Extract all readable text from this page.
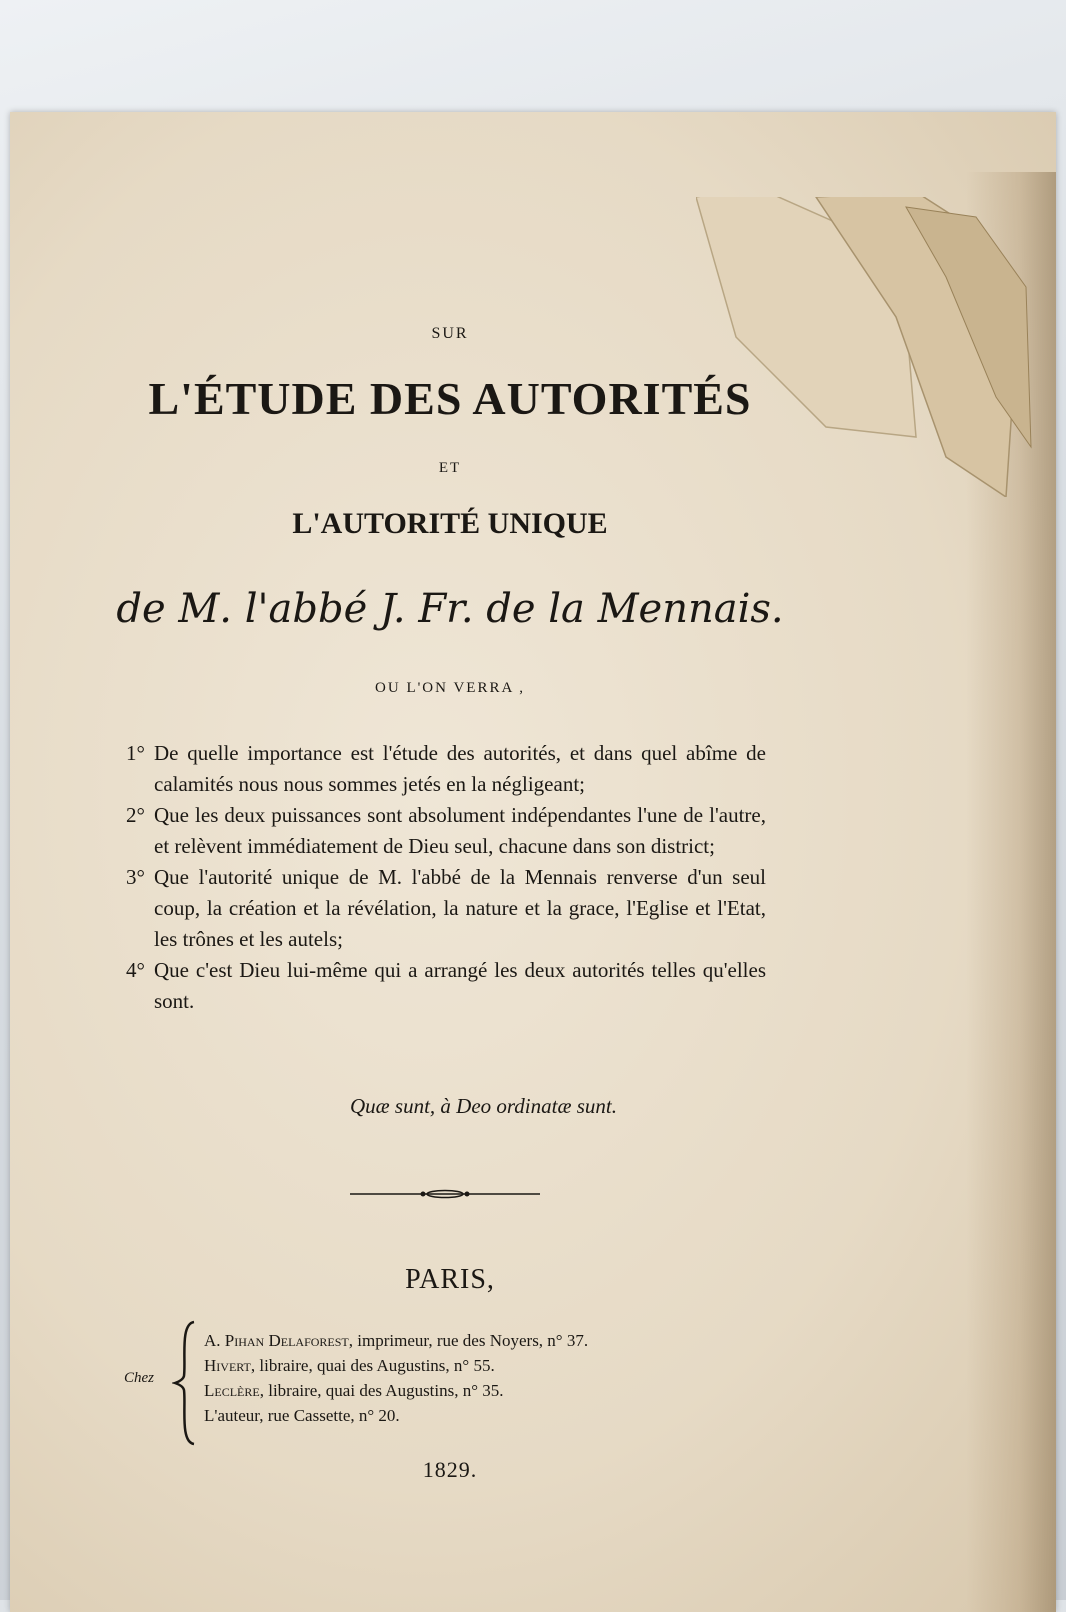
SUR
L'ÉTUDE DES AUTORITÉS
ET
L'AUTORITÉ UNIQUE
de M. l'abbé J. Fr. de la Mennais.
OU L'ON VERRA ,
1° De quelle importance est l'étude des autorités, et dans quel abîme de calamités nous nous sommes jetés en la négligeant;
2° Que les deux puissances sont absolument indépendantes l'une de l'autre, et relèvent immédiatement de Dieu seul, chacune dans son district;
3° Que l'autorité unique de M. l'abbé de la Mennais renverse d'un seul coup, la création et la révélation, la nature et la grace, l'Eglise et l'Etat, les trônes et les autels;
4° Que c'est Dieu lui-même qui a arrangé les deux autorités telles qu'elles sont.
Quæ sunt, à Deo ordinatæ sunt.
PARIS,
Chez
A. Pihan Delaforest, imprimeur, rue des Noyers, n° 37.
Hivert, libraire, quai des Augustins, n° 55.
Leclère, libraire, quai des Augustins, n° 35.
L'auteur, rue Cassette, n° 20.
1829.
